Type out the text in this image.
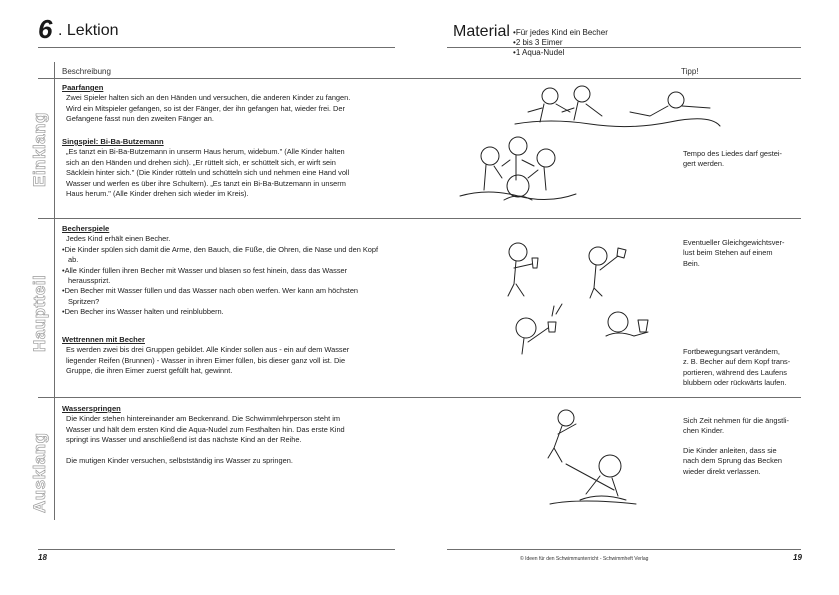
6 . Lektion	Material • Für jedes Kind ein Becher
• 2 bis 3 Eimer
• 1 Aqua-Nudel
Beschreibung	Tipp!
Einklang
Hauptteil
Ausklang
Paarfangen

Zwei Spieler halten sich an den Händen und versuchen, die anderen Kinder zu fangen.

Wird ein Mitspieler gefangen, so ist der Fänger, der ihn gefangen hat, wieder frei. Der

Gefangene fasst nun den zweiten Fänger an.

Singspiel: Bi-Ba-Butzemann

„Es tanzt ein Bi-Ba-Butzemann in unserm Haus herum, widebum." (Alle Kinder halten

sich an den Händen und drehen sich). „Er rüttelt sich, er schüttelt sich, er wirft sein

Säcklein hinter sich." (Die Kinder rütteln und schütteln sich und nehmen eine Hand voll

Wasser und werfen es über ihre Schultern). „Es tanzt ein Bi-Ba-Butzemann in unserm

Haus herum." (Alle Kinder drehen sich wieder im Kreis).

Tempo des Liedes darf gestei-

gert werden.

Becherspiele

Jedes Kind erhält einen Becher.

• Die Kinder spülen sich damit die Arme, den Bauch, die Füße, die Ohren, die Nase und den Kopf ab.
• Alle Kinder füllen ihren Becher mit Wasser und blasen so fest hinein, dass das Wasser heraussprizt.
• Den Becher mit Wasser füllen und das Wasser nach oben werfen. Wer kann am höchsten Spritzen?
• Den Becher ins Wasser halten und reinblubbern.
Wettrennen mit Becher

Es werden zwei bis drei Gruppen gebildet. Alle Kinder sollen aus - ein auf dem Wasser

liegender Reifen (Brunnen) - Wasser in ihren Eimer füllen, bis dieser ganz voll ist. Die

Gruppe, die ihren Eimer zuerst gefüllt hat, gewinnt.

Eventueller Gleichgewichtsver-

lust beim Stehen auf einem

Bein.

Fortbewegungsart verändern,

z. B. Becher auf dem Kopf trans-

portieren, während des Laufens

blubbern oder rückwärts laufen.

Wasserspringen

Die Kinder stehen hintereinander am Beckenrand. Die Schwimmlehrperson steht im

Wasser und hält dem ersten Kind die Aqua-Nudel zum Festhalten hin. Das erste Kind

springt ins Wasser und anschließend ist das nächste Kind an der Reihe.

Die mutigen Kinder versuchen, selbstständig ins Wasser zu springen.

Sich Zeit nehmen für die ängstli-

chen Kinder.

Die Kinder anleiten, dass sie

nach dem Sprung das Becken

wieder direkt verlassen.

18	© Ideen für den Schwimmunterricht - Schwimmheft Verlag	19
